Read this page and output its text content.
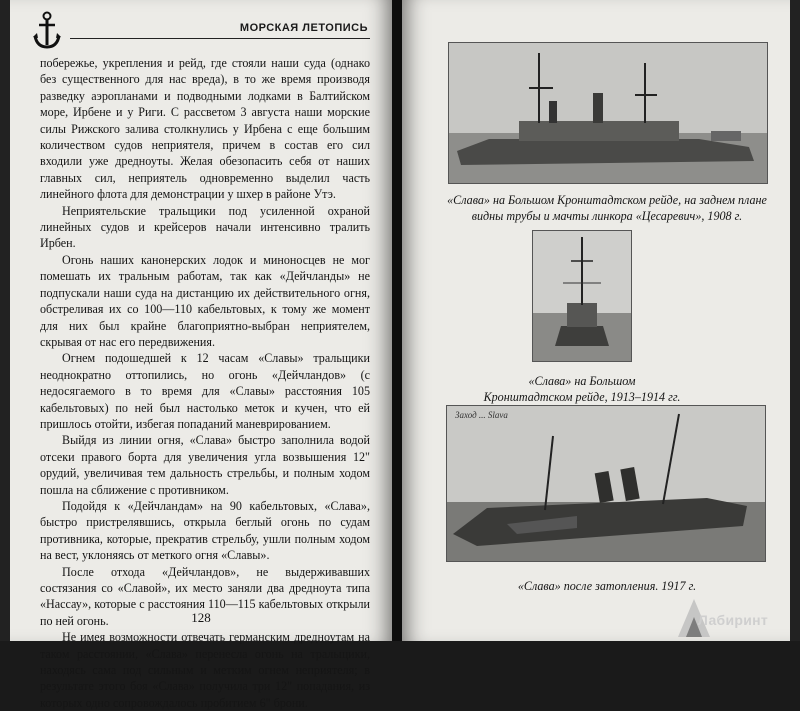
МОРСКАЯ ЛЕТОПИСЬ

побережье, укрепления и рейд, где стояли наши суда (однако без существенного для нас вреда), в то же время производя разведку аэропланами и подводными лодками в Балтийском море, Ирбене и у Риги. С рассветом 3 августа наши морские силы Рижского залива столкнулись у Ирбена с еще большим количеством судов неприятеля, причем в состав его сил входили уже дредноуты. Желая обезопасить себя от наших главных сил, неприятель одновременно выделил часть линейного флота для демонстрации у шхер в районе Утэ.

Неприятельские тральщики под усиленной охраной линейных судов и крейсеров начали интенсивно тралить Ирбен.

Огонь наших канонерских лодок и миноносцев не мог помешать их тральным работам, так как «Дейчланды» не подпускали наши суда на дистанцию их действительного огня, обстреливая их со 100—110 кабельтовых, к тому же момент для них был крайне благоприятно-выбран неприятелем, скрывая от нас его передвижения.

Огнем подошедшей к 12 часам «Славы» тральщики неоднократно оттопились, но огонь «Дейчландов» (с недосягаемого в то время для «Славы» расстояния 105 кабельтовых) по ней был настолько меток и кучен, что ей пришлось отойти, избегая попаданий маневрированием.

Выйдя из линии огня, «Слава» быстро заполнила водой отсеки правого борта для увеличения угла возвышения 12" орудий, увеличивая тем дальность стрельбы, и полным ходом пошла на сближение с противником.

Подойдя к «Дейчландам» на 90 кабельтовых, «Слава», быстро пристрелявшись, открыла беглый огонь по судам противника, которые, прекратив стрельбу, ушли полным ходом на вест, уклоняясь от меткого огня «Славы».

После отхода «Дейчландов», не выдерживавших состязания со «Славой», их место заняли два дредноута типа «Нассау», которые с расстояния 110—115 кабельтовых открыли по ней огонь.

Не имея возможности отвечать германским дредноутам на таком расстоянии, «Слава» перенесла огонь на тральщики, находясь сама под сильным и метким огнем неприятеля; в результате этого боя «Слава» получила три 12" попадания, из которых одно сопровождалось пробитием 6" брони.

128
«Слава» на Большом Кронштадтском рейде, на заднем плане
видны трубы и мачты линкора «Цесаревич», 1908 г.
«Слава» на Большом
Кронштадтском рейде, 1913–1914 гг.
Заход ... Slava
«Слава» после затопления. 1917 г.
Лабиринт
